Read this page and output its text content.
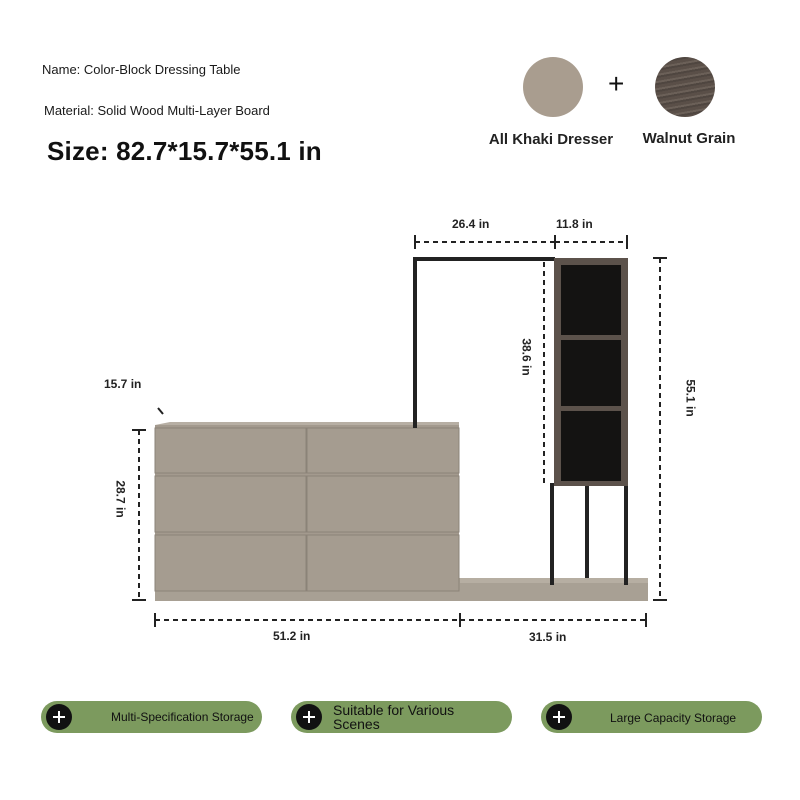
Name: Color-Block Dressing Table
Material: Solid Wood Multi-Layer Board
Size: 82.7*15.7*55.1 in
+
All Khaki Dresser	Walnut Grain
26.4 in	11.8 in
38.6 in
55.1 in
15.7 in
28.7 in
51.2 in	31.5 in
Multi-Specification Storage	Suitable for Various Scenes	Large Capacity Storage
